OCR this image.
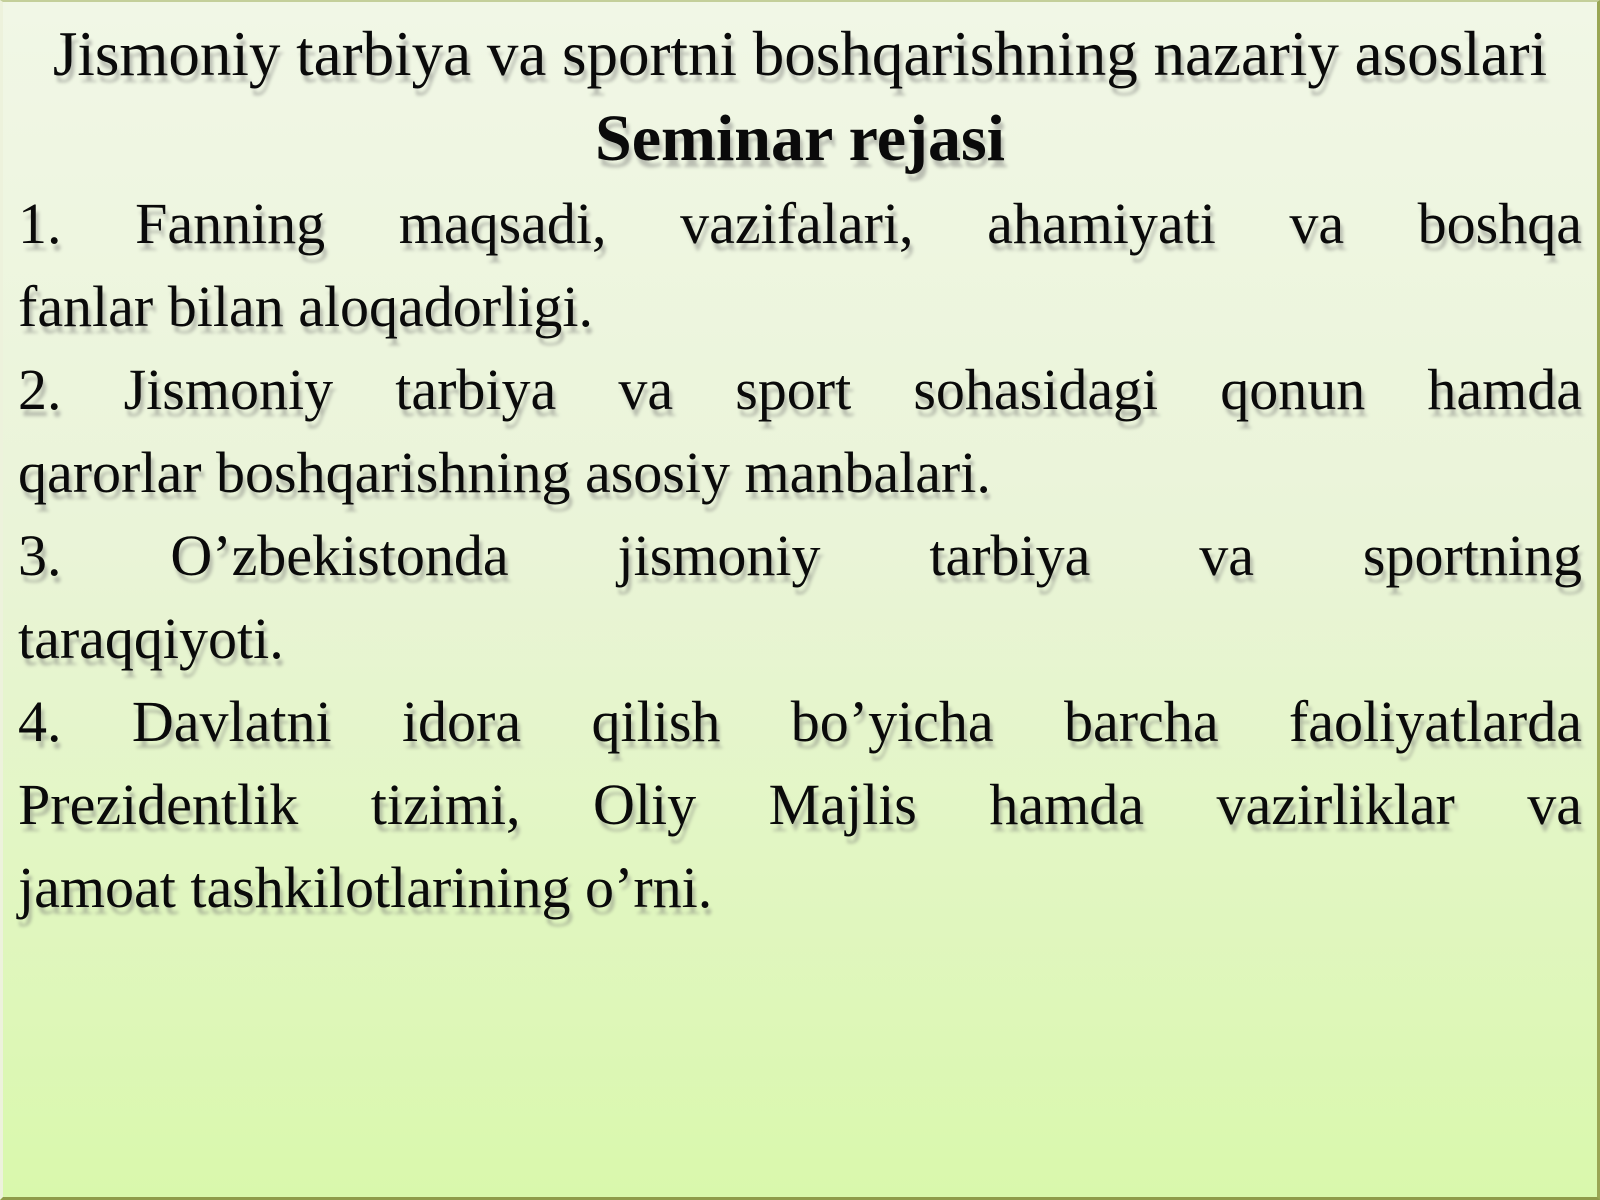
Jismoniy tarbiya va sportni boshqarishning nazariy asoslari
Seminar rejasi

1. Fanning maqsadi, vazifalari, ahamiyati va boshqa
fanlar bilan aloqadorligi.

2. Jismoniy tarbiya va sport sohasidagi qonun hamda
qarorlar boshqarishning asosiy manbalari.

3. O’zbekistonda jismoniy tarbiya va sportning
taraqqiyoti.

4. Davlatni idora qilish bo’yicha barcha faoliyatlarda
Prezidentlik tizimi, Oliy Majlis hamda vazirliklar va
jamoat tashkilotlarining o’rni.
